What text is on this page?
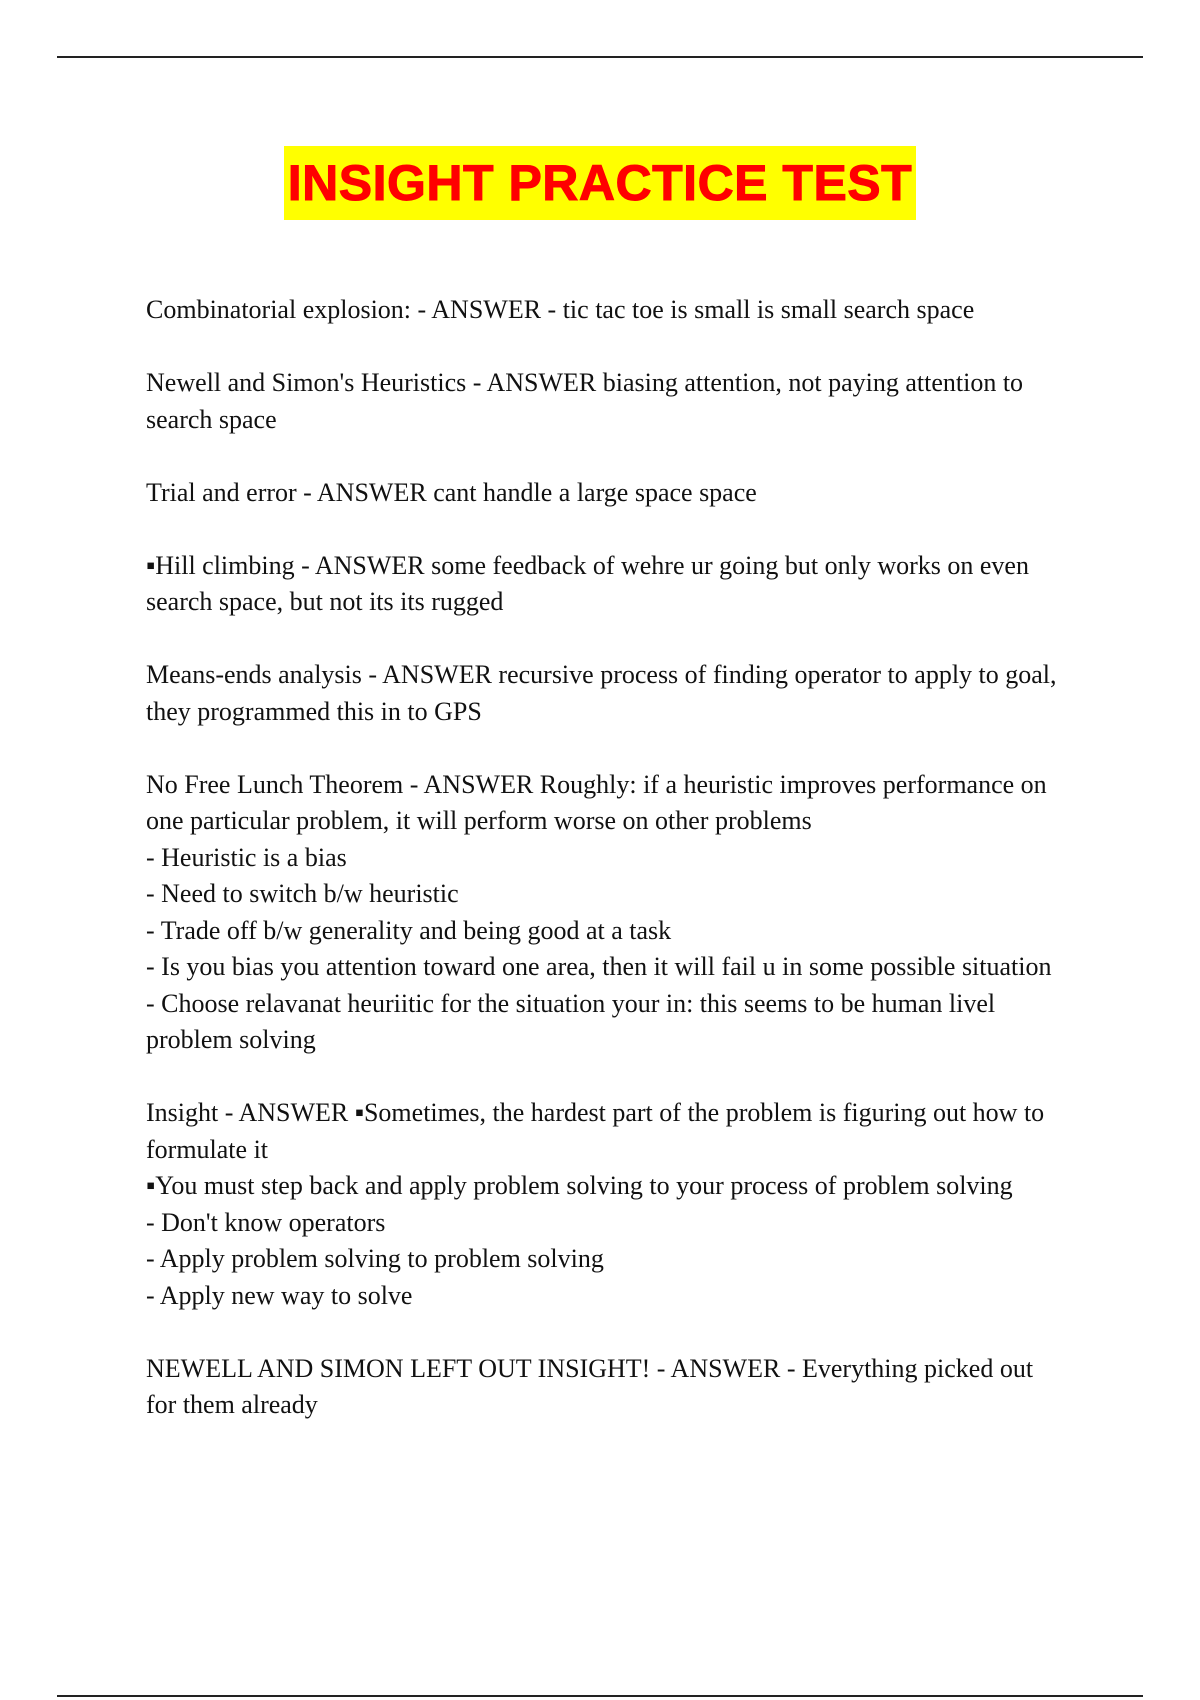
INSIGHT PRACTICE TEST

Combinatorial explosion: - ANSWER - tic tac toe is small is small search space

Newell and Simon's Heuristics - ANSWER biasing attention, not paying attention to search space

Trial and error - ANSWER cant handle a large space space

▪Hill climbing - ANSWER some feedback of wehre ur going but only works on even search space, but not its its rugged

Means-ends analysis - ANSWER recursive process of finding operator to apply to goal, they programmed this in to GPS

No Free Lunch Theorem - ANSWER Roughly: if a heuristic improves performance on one particular problem, it will perform worse on other problems

- Heuristic is a bias

- Need to switch b/w heuristic

- Trade off b/w generality and being good at a task

- Is you bias you attention toward one area, then it will fail u in some possible situation

- Choose relavanat heuriitic for the situation your in: this seems to be human livel problem solving

Insight - ANSWER ▪Sometimes, the hardest part of the problem is figuring out how to formulate it

▪You must step back and apply problem solving to your process of problem solving

- Don't know operators

- Apply problem solving to problem solving

- Apply new way to solve

NEWELL AND SIMON LEFT OUT INSIGHT! - ANSWER - Everything picked out for them already
